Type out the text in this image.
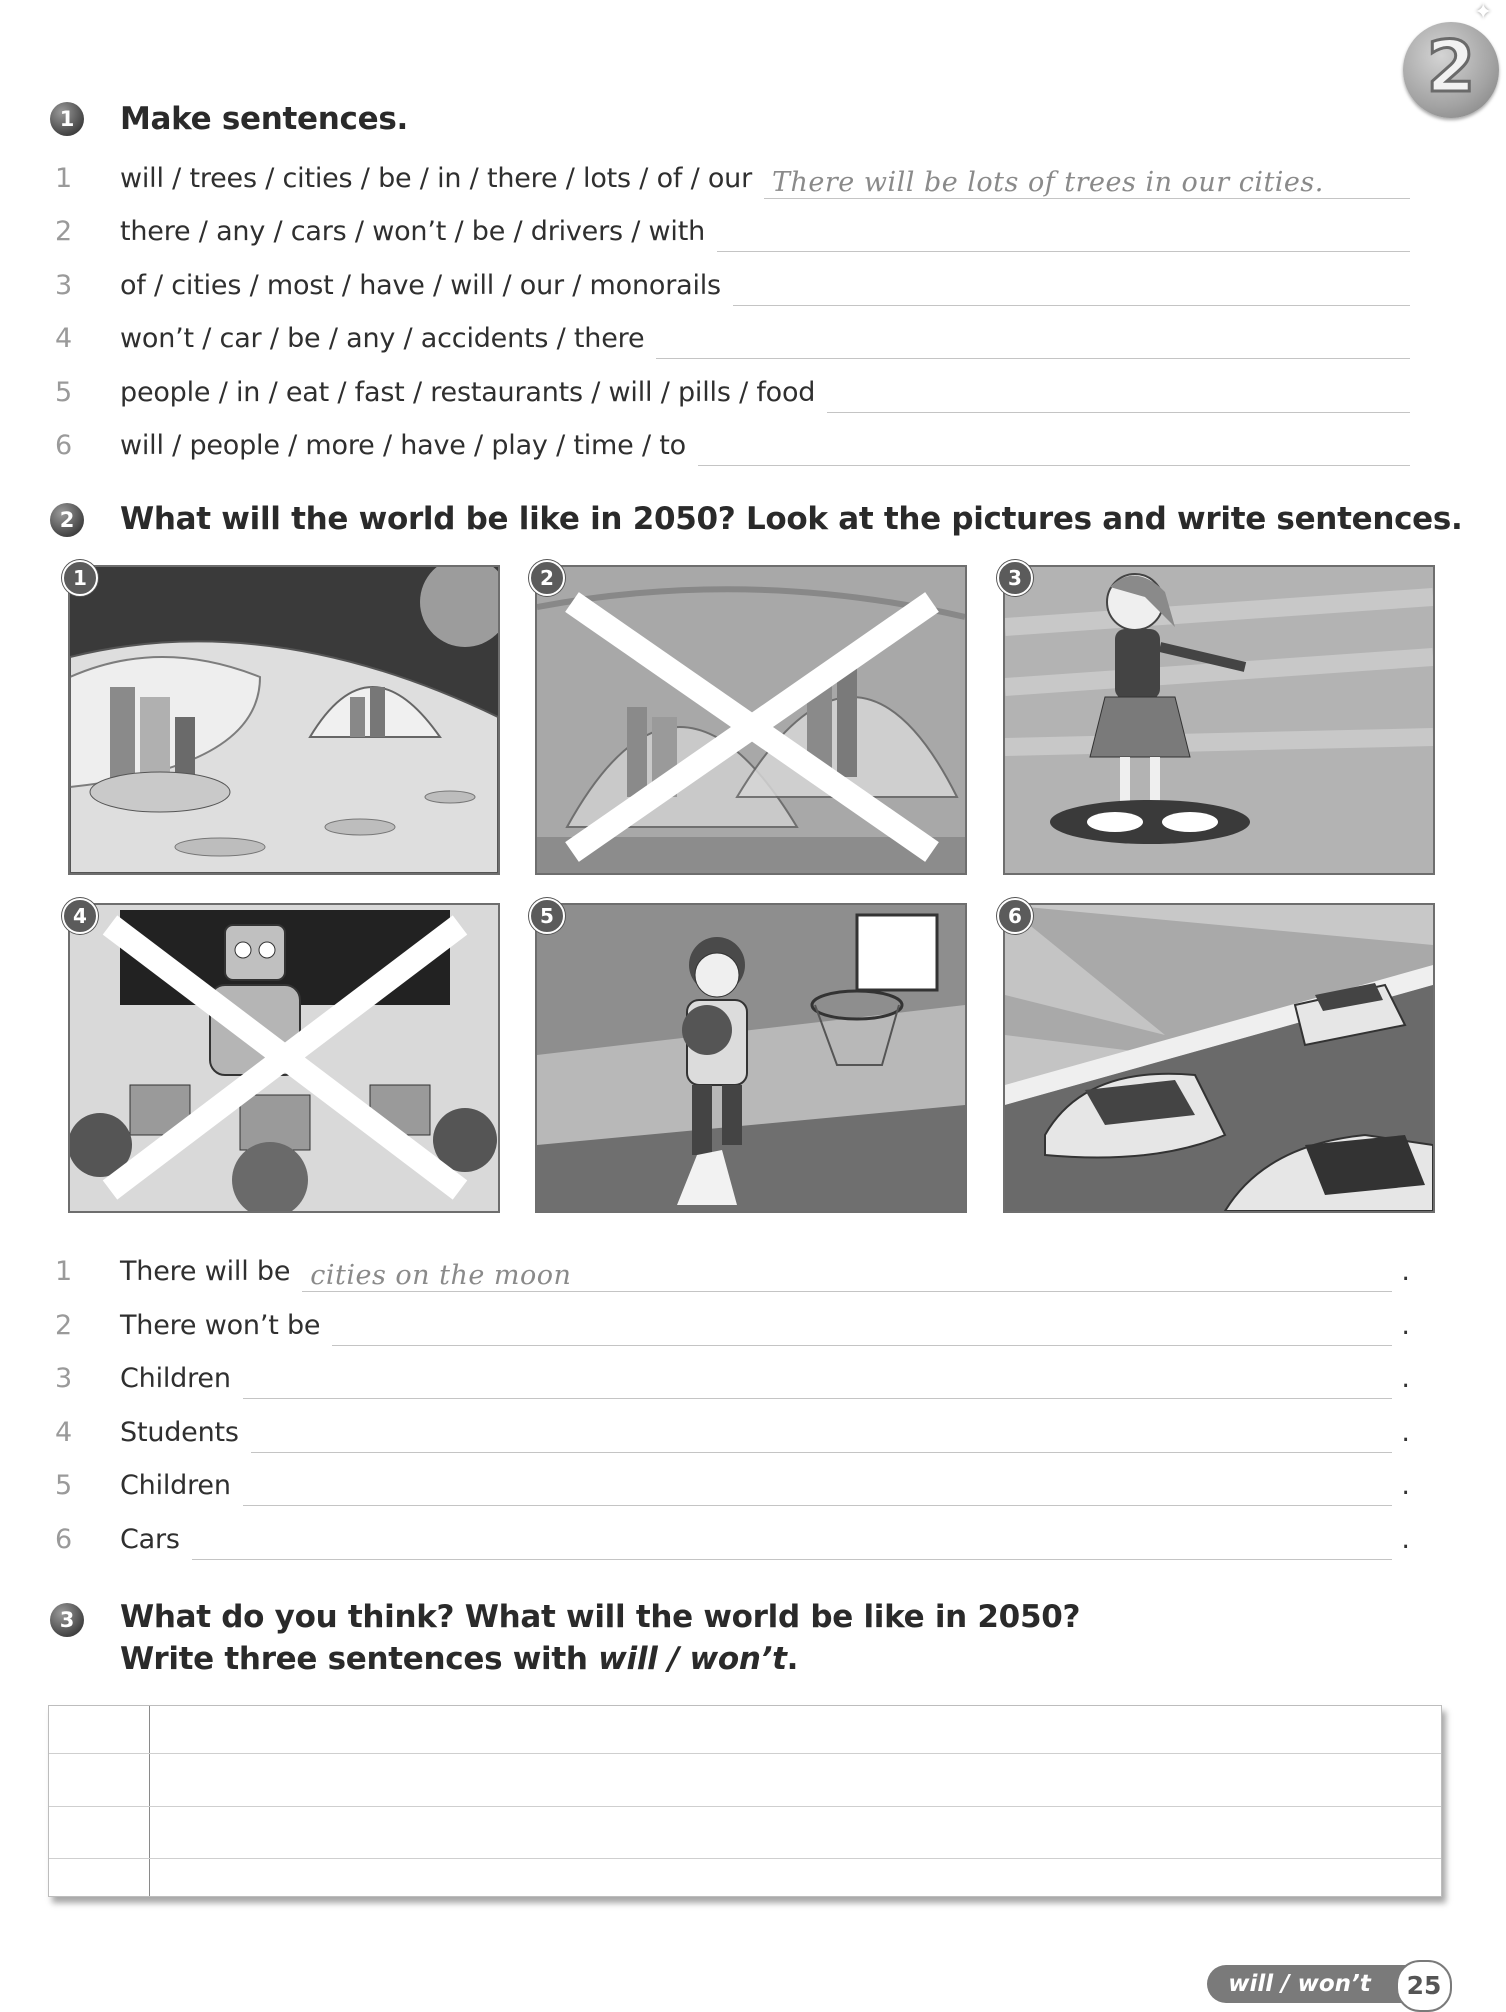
2
✦
1	Make sentences.
1	will / trees / cities / be / in / there / lots / of / our There will be lots of trees in our cities.
2	there / any / cars / won’t / be / drivers / with
3	of / cities / most / have / will / our / monorails
4	won’t / car / be / any / accidents / there
5	people / in / eat / fast / restaurants / will / pills / food
6	will / people / more / have / play / time / to
2	What will the world be like in 2050? Look at the pictures and write sentences.
1	2	3
4	5	6
1	There will be cities on the moon	.
2	There won’t be	.
3	Children	.
4	Students	.
5	Children	.
6	Cars	.
3	What do you think? What will the world be like in 2050?
Write three sentences with will / won’t.
will / won’t	25
